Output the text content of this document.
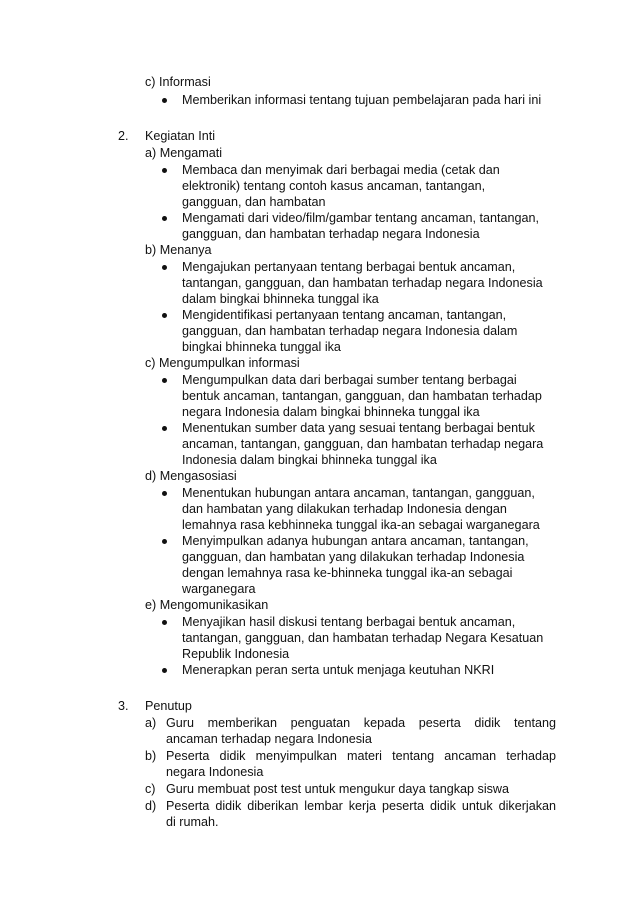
c) Informasi
Memberikan informasi tentang tujuan pembelajaran pada hari ini
2. Kegiatan Inti
a) Mengamati
Membaca dan menyimak dari berbagai media (cetak dan
elektronik) tentang contoh kasus ancaman, tantangan,
gangguan, dan hambatan
Mengamati dari video/film/gambar tentang ancaman, tantangan,
gangguan, dan hambatan terhadap negara Indonesia
b) Menanya
Mengajukan pertanyaan tentang berbagai bentuk ancaman,
tantangan, gangguan, dan hambatan terhadap negara Indonesia
dalam bingkai bhinneka tunggal ika
Mengidentifikasi pertanyaan tentang ancaman, tantangan,
gangguan, dan hambatan terhadap negara Indonesia dalam
bingkai bhinneka tunggal ika
c) Mengumpulkan informasi
Mengumpulkan data dari berbagai sumber tentang berbagai
bentuk ancaman, tantangan, gangguan, dan hambatan terhadap
negara Indonesia dalam bingkai bhinneka tunggal ika
Menentukan sumber data yang sesuai tentang berbagai bentuk
ancaman, tantangan, gangguan, dan hambatan terhadap negara
Indonesia dalam bingkai bhinneka tunggal ika
d) Mengasosiasi
Menentukan hubungan antara ancaman, tantangan, gangguan,
dan hambatan yang dilakukan terhadap Indonesia dengan
lemahnya rasa kebhinneka tunggal ika-an sebagai warganegara
Menyimpulkan adanya hubungan antara ancaman, tantangan,
gangguan, dan hambatan yang dilakukan terhadap Indonesia
dengan lemahnya rasa ke-bhinneka tunggal ika-an sebagai
warganegara
e) Mengomunikasikan
Menyajikan hasil diskusi tentang berbagai bentuk ancaman,
tantangan, gangguan, dan hambatan terhadap Negara Kesatuan
Republik Indonesia
Menerapkan peran serta untuk menjaga keutuhan NKRI
3. Penutup
a) Guru memberikan penguatan kepada peserta didik tentang
ancaman terhadap negara Indonesia
b) Peserta didik menyimpulkan materi tentang ancaman terhadap
negara Indonesia
c) Guru membuat post test untuk mengukur daya tangkap siswa
d) Peserta didik diberikan lembar kerja peserta didik untuk dikerjakan
di rumah.
